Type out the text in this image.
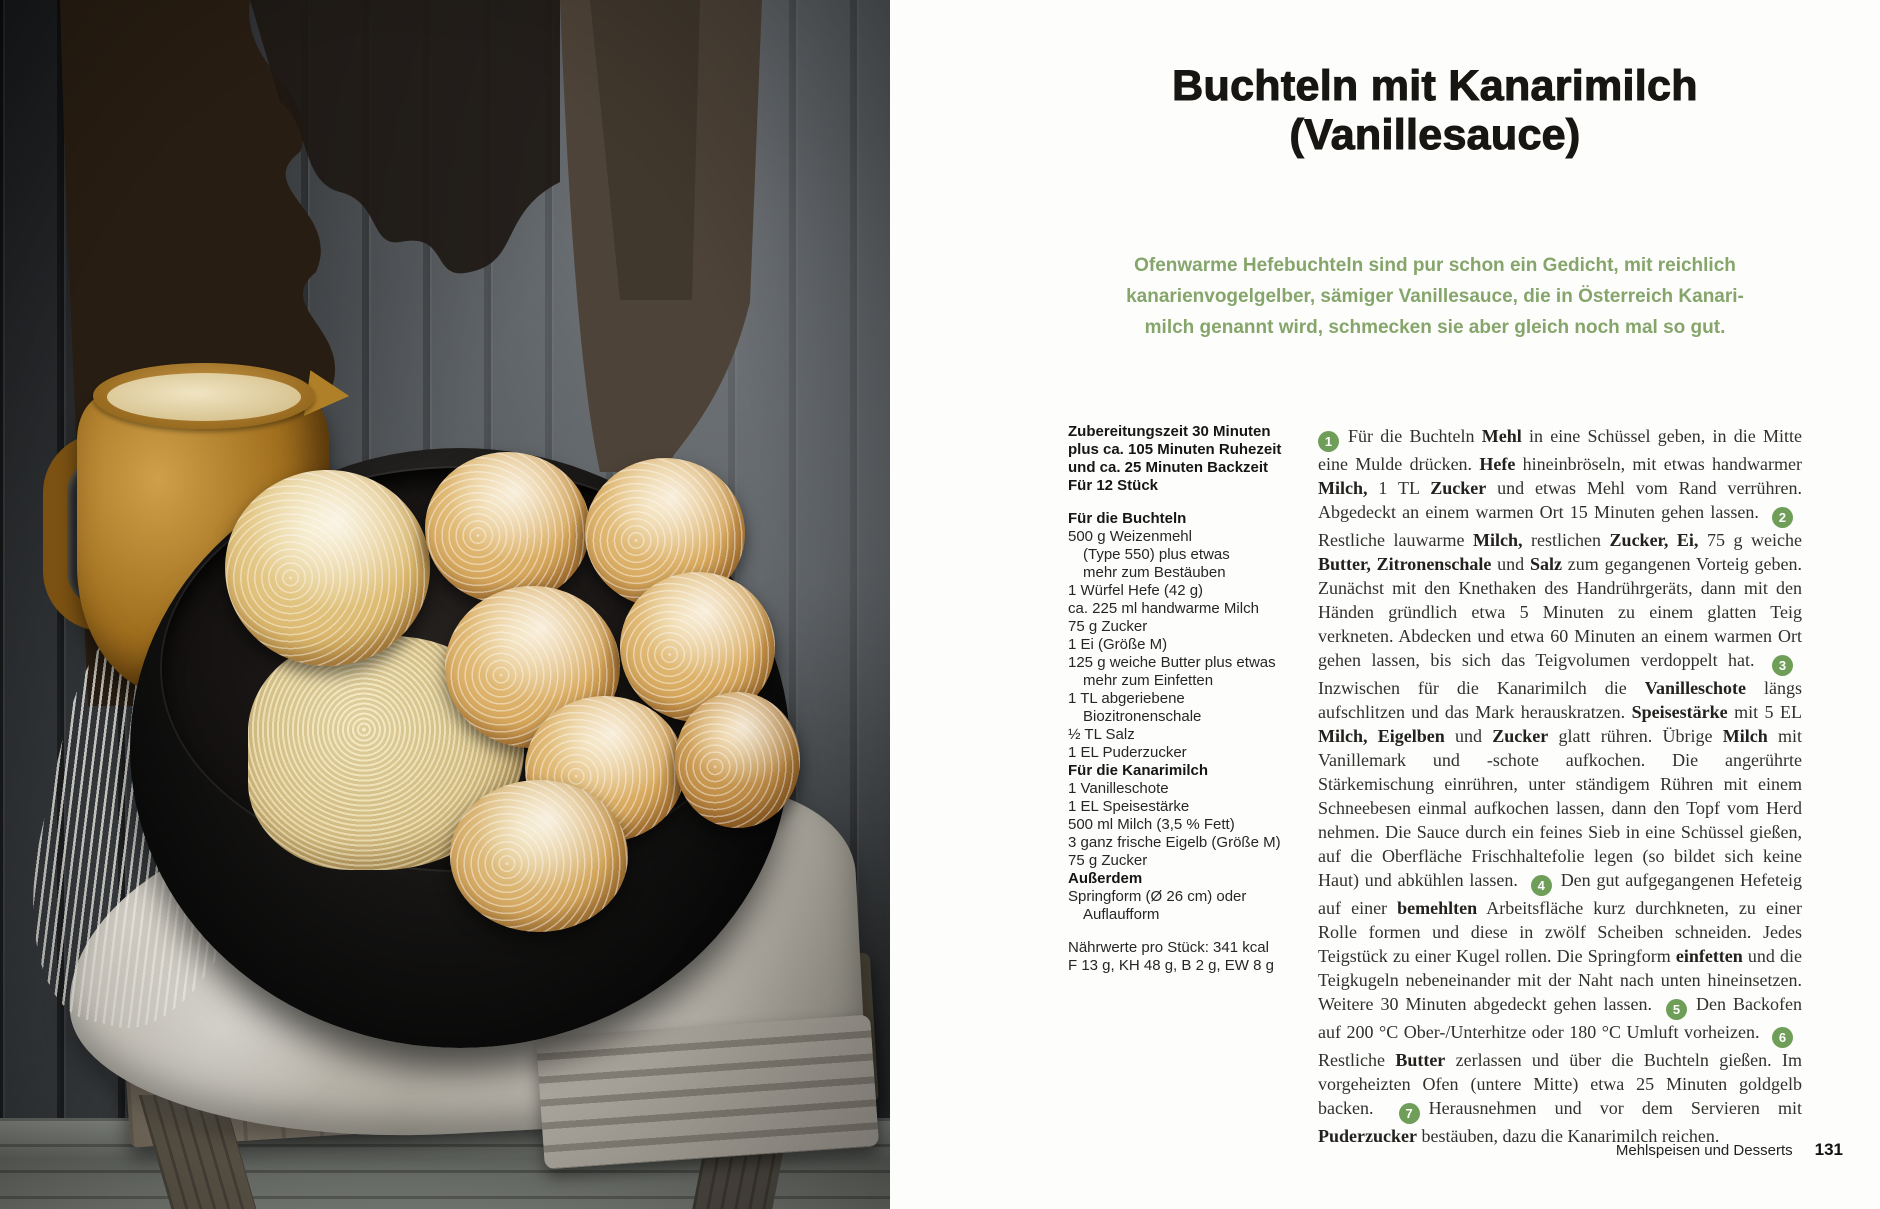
Buchteln mit Kanarimilch
(Vanillesauce)

Ofenwarme Hefebuchteln sind pur schon ein Gedicht, mit reichlich
kanarienvogelgelber, sämiger Vanillesauce, die in Österreich Kanari-
milch genannt wird, schmecken sie aber gleich noch mal so gut.

Zubereitungszeit 30 Minuten
plus ca. 105 Minuten Ruhezeit
und ca. 25 Minuten Backzeit
Für 12 Stück
Für die Buchteln
500 g Weizenmehl
(Type 550) plus etwas
mehr zum Bestäuben
1 Würfel Hefe (42 g)
ca. 225 ml handwarme Milch
75 g Zucker
1 Ei (Größe M)
125 g weiche Butter plus etwas
mehr zum Einfetten
1 TL abgeriebene
Biozitronenschale
½ TL Salz
1 EL Puderzucker
Für die Kanarimilch
1 Vanilleschote
1 EL Speisestärke
500 ml Milch (3,5 % Fett)
3 ganz frische Eigelb (Größe M)
75 g Zucker
Außerdem
Springform (Ø 26 cm) oder
Auflaufform
Nährwerte pro Stück: 341 kcal
F 13 g, KH 48 g, B 2 g, EW 8 g

1 Für die Buchteln Mehl in eine Schüssel geben, in die Mitte eine Mulde drücken. Hefe hineinbröseln, mit etwas handwarmer Milch, 1 TL Zucker und etwas Mehl vom Rand verrühren. Abgedeckt an einem warmen Ort 15 Minuten gehen lassen. 2Restliche lauwarme Milch, restlichen Zucker, Ei, 75 g weiche Butter, Zitronenschale und Salz zum gegangenen Vorteig geben. Zunächst mit den Knethaken des Handrührgeräts, dann mit den Händen gründlich etwa 5 Minuten zu einem glatten Teig verkneten. Abdecken und etwa 60 Minuten an einem warmen Ort gehen lassen, bis sich das Teigvolumen verdoppelt hat. 3Inzwischen für die Kanarimilch die Vanilleschote längs aufschlitzen und das Mark herauskratzen. Speisestärke mit 5 EL Milch, Eigelben und Zucker glatt rühren. Übrige Milch mit Vanillemark und -schote aufkochen. Die angerührte Stärkemischung einrühren, unter ständigem Rühren mit einem Schneebesen einmal aufkochen lassen, dann den Topf vom Herd nehmen. Die Sauce durch ein feines Sieb in eine Schüssel gießen, auf die Oberfläche Frischhaltefolie legen (so bildet sich keine Haut) und abkühlen lassen. 4 Den gut aufgegangenen Hefeteig auf einer bemehlten Arbeitsfläche kurz durchkneten, zu einer Rolle formen und diese in zwölf Scheiben schneiden. Jedes Teigstück zu einer Kugel rollen. Die Springform einfetten und die Teigkugeln nebeneinander mit der Naht nach unten hineinsetzen. Weitere 30 Minuten abgedeckt gehen lassen. 5 Den Backofen auf 200 °C Ober-/Unterhitze oder 180 °C Umluft vorheizen. 6Restliche Butter zerlassen und über die Buchteln gießen. Im vorgeheizten Ofen (untere Mitte) etwa 25 Minuten goldgelb backen. 7 Herausnehmen und vor dem Servieren mit Puderzucker bestäuben, dazu die Kanarimilch reichen.

Mehlspeisen und Desserts 131
